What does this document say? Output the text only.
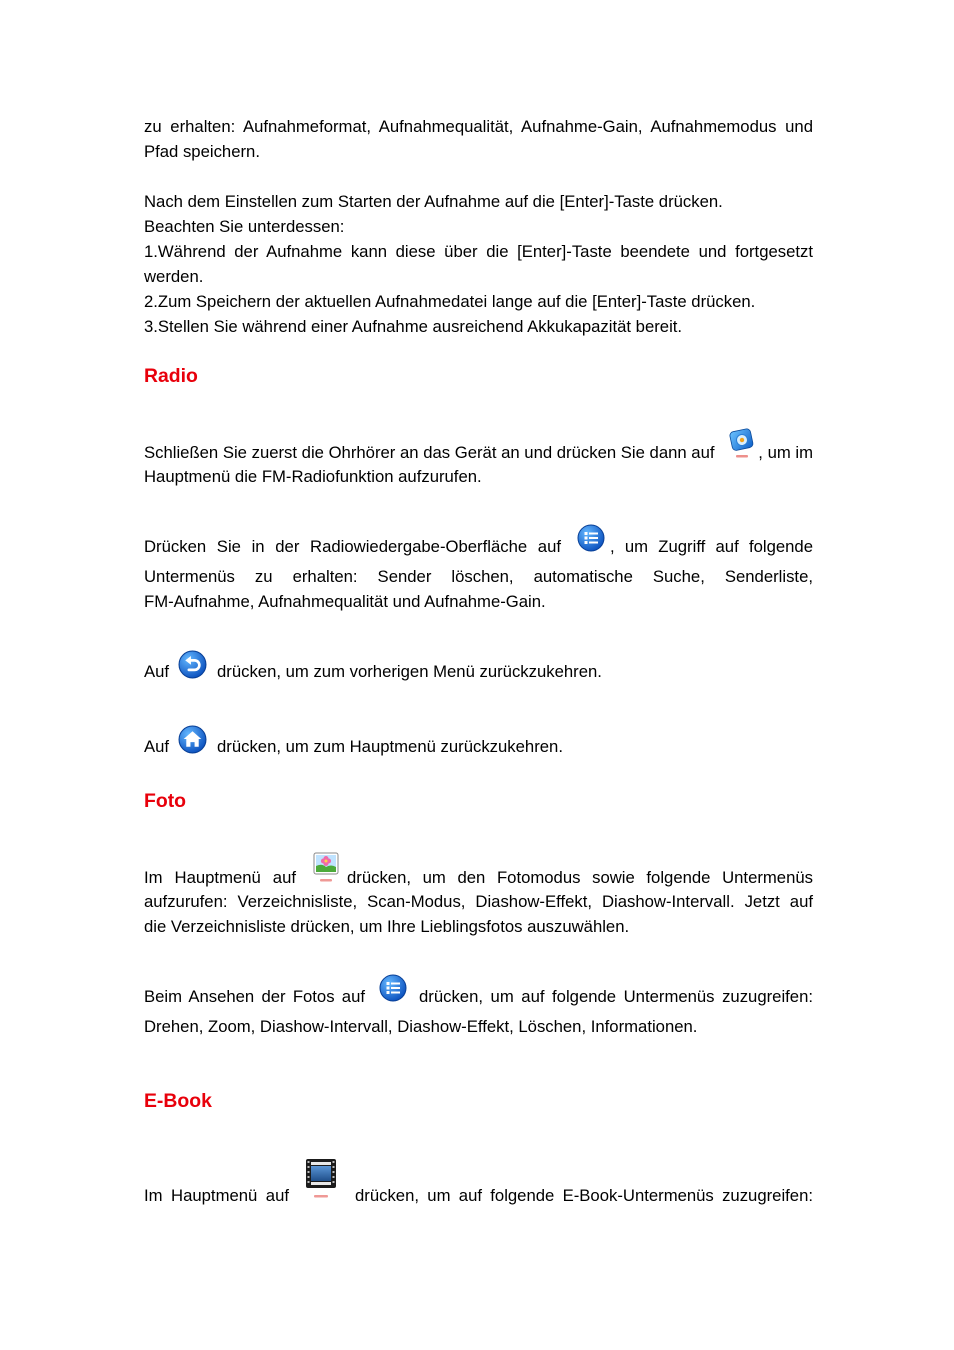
zu erhalten: Aufnahmeformat, Aufnahmequalität, Aufnahme-Gain, Aufnahmemodus und
Pfad speichern.
Nach dem Einstellen zum Starten der Aufnahme auf die [Enter]-Taste drücken.
Beachten Sie unterdessen:
1.Während der Aufnahme kann diese über die [Enter]-Taste beendete und fortgesetzt
werden.
2.Zum Speichern der aktuellen Aufnahmedatei lange auf die [Enter]-Taste drücken.
3.Stellen Sie während einer Aufnahme ausreichend Akkukapazität bereit.
Radio
Schließen Sie zuerst die Ohrhörer an das Gerät an und drücken Sie dann auf	, um im
Hauptmenü die FM-Radiofunktion aufzurufen.
Drücken Sie in der Radiowiedergabe-Oberfläche auf	, um Zugriff auf folgende
Untermenüs zu erhalten: Sender löschen, automatische Suche, Senderliste,
FM-Aufnahme, Aufnahmequalität und Aufnahme-Gain.
Auf	drücken, um zum vorherigen Menü zurückzukehren.
Auf	drücken, um zum Hauptmenü zurückzukehren.
Foto
Im Hauptmenü auf	drücken, um den Fotomodus sowie folgende Untermenüs
aufzurufen: Verzeichnisliste, Scan-Modus, Diashow-Effekt, Diashow-Intervall. Jetzt auf
die Verzeichnisliste drücken, um Ihre Lieblingsfotos auszuwählen.
Beim Ansehen der Fotos auf	drücken, um auf folgende Untermenüs zuzugreifen:
Drehen, Zoom, Diashow-Intervall, Diashow-Effekt, Löschen, Informationen.
E-Book
Im Hauptmenü auf	drücken, um auf folgende E-Book-Untermenüs zuzugreifen:
